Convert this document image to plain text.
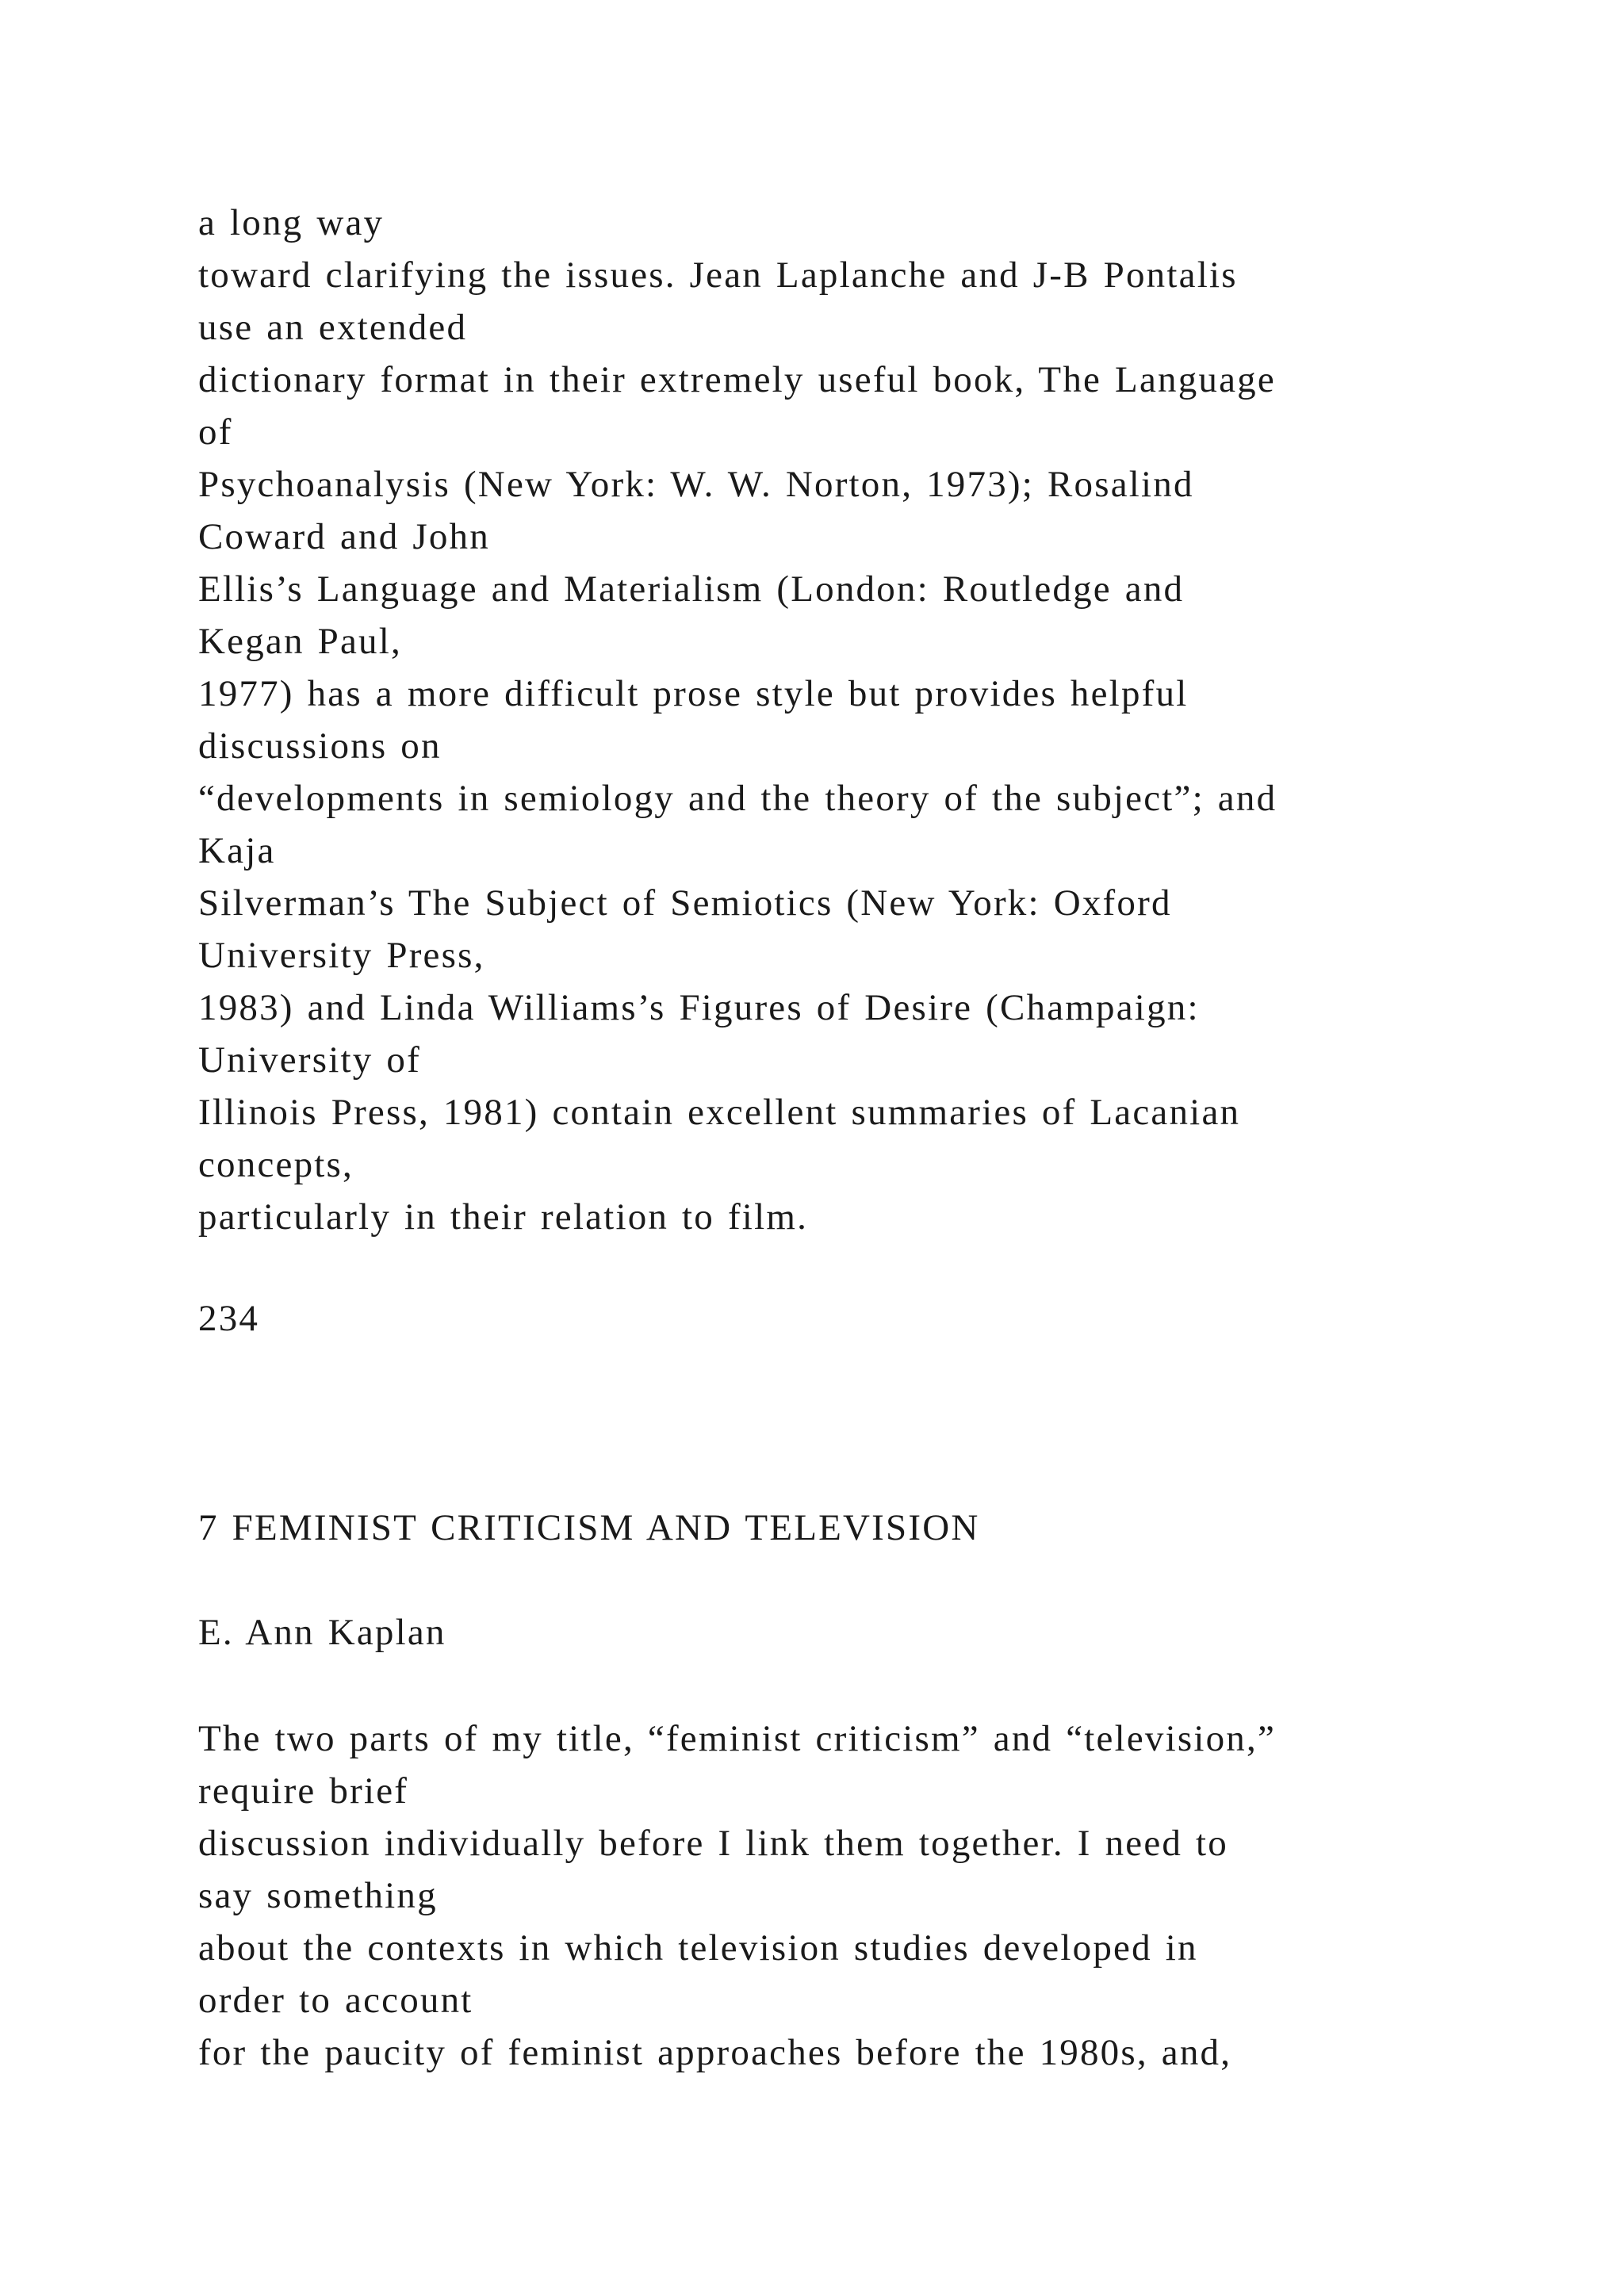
a long way
toward clarifying the issues. Jean Laplanche and J-B Pontalis
use an extended
dictionary format in their extremely useful book, The Language
of
Psychoanalysis (New York: W. W. Norton, 1973); Rosalind
Coward and John
Ellis’s Language and Materialism (London: Routledge and
Kegan Paul,
1977) has a more difficult prose style but provides helpful
discussions on
“developments in semiology and the theory of the subject”; and
Kaja
Silverman’s The Subject of Semiotics (New York: Oxford
University Press,
1983) and Linda Williams’s Figures of Desire (Champaign:
University of
Illinois Press, 1981) contain excellent summaries of Lacanian
concepts,
particularly in their relation to film.
234
7 FEMINIST CRITICISM AND TELEVISION
E. Ann Kaplan
The two parts of my title, “feminist criticism” and “television,”
require brief
discussion individually before I link them together. I need to
say something
about the contexts in which television studies developed in
order to account
for the paucity of feminist approaches before the 1980s, and,
